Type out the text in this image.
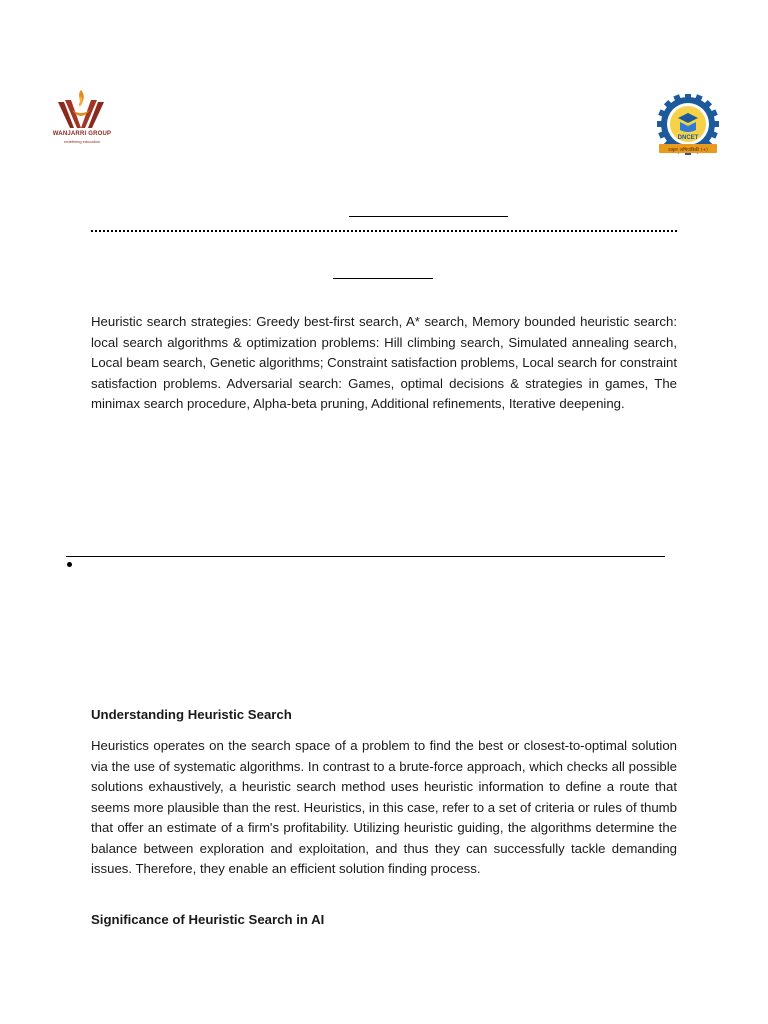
WANJARRI GROUP
redefining education
DNCET
उत्कृष्ट अभियांत्रिकी (+)

Heuristic search strategies: Greedy best-first search, A* search, Memory bounded heuristic search: local search algorithms & optimization problems: Hill climbing search, Simulated annealing search, Local beam search, Genetic algorithms; Constraint satisfaction problems, Local search for constraint satisfaction problems. Adversarial search: Games, optimal decisions & strategies in games, The minimax search procedure, Alpha-beta pruning, Additional refinements, Iterative deepening.

Understanding Heuristic Search

Heuristics operates on the search space of a problem to find the best or closest-to-optimal solution via the use of systematic algorithms. In contrast to a brute-force approach, which checks all possible solutions exhaustively, a heuristic search method uses heuristic information to define a route that seems more plausible than the rest. Heuristics, in this case, refer to a set of criteria or rules of thumb that offer an estimate of a firm's profitability. Utilizing heuristic guiding, the algorithms determine the balance between exploration and exploitation, and thus they can successfully tackle demanding issues. Therefore, they enable an efficient solution finding process.

Significance of Heuristic Search in AI
